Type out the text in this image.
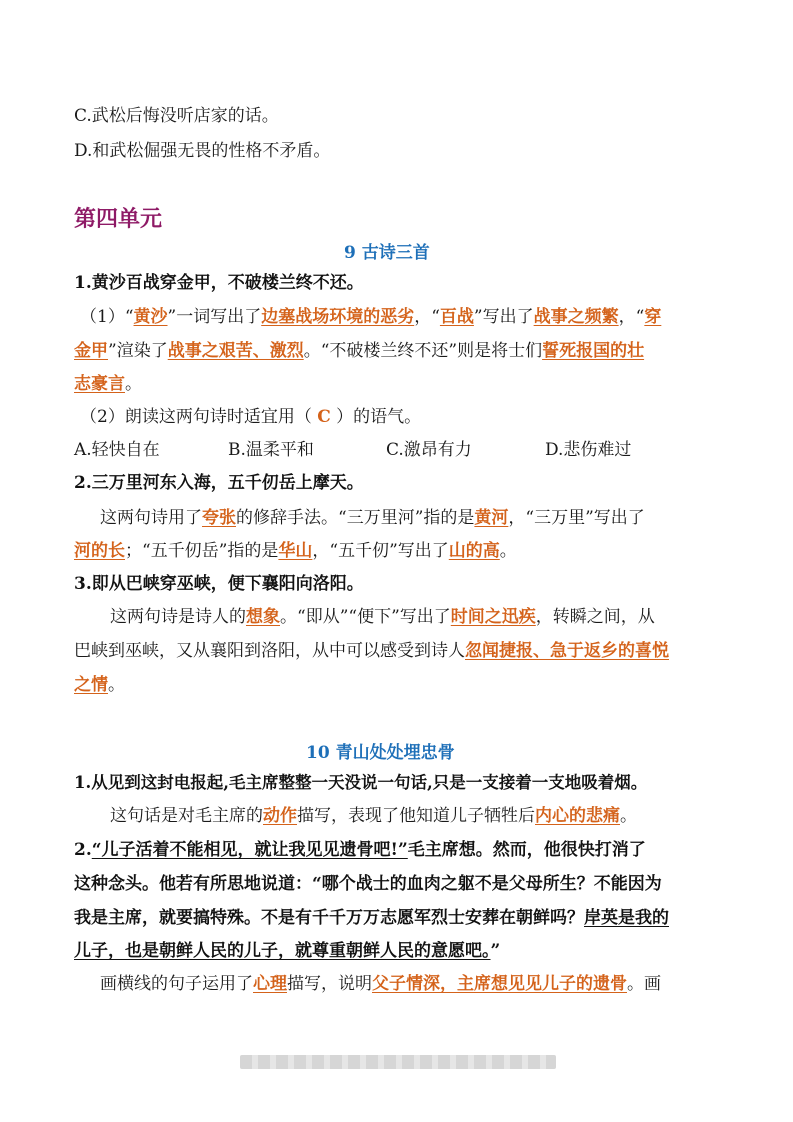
C.武松后悔没听店家的话。
D.和武松倔强无畏的性格不矛盾。
第四单元
9 古诗三首
1.黄沙百战穿金甲，不破楼兰终不还。
（1）“黄沙”一词写出了边塞战场环境的恶劣，“百战”写出了战事之频繁，“穿
金甲”渲染了战事之艰苦、激烈。“不破楼兰终不还”则是将士们誓死报国的壮
志豪言。
（2）朗读这两句诗时适宜用（ C ）的语气。
A.轻快自在	B.温柔平和	C.激昂有力	D.悲伤难过
2.三万里河东入海，五千仞岳上摩天。
这两句诗用了夸张的修辞手法。“三万里河”指的是黄河，“三万里”写出了
河的长；“五千仞岳”指的是华山，“五千仞”写出了山的高。
3.即从巴峡穿巫峡，便下襄阳向洛阳。
这两句诗是诗人的想象。“即从”“便下”写出了时间之迅疾，转瞬之间，从
巴峡到巫峡，又从襄阳到洛阳，从中可以感受到诗人忽闻捷报、急于返乡的喜悦
之情。
10 青山处处埋忠骨
1.从见到这封电报起,毛主席整整一天没说一句话,只是一支接着一支地吸着烟。
这句话是对毛主席的动作描写，表现了他知道儿子牺牲后内心的悲痛。
2.“儿子活着不能相见，就让我见见遗骨吧!”毛主席想。然而，他很快打消了
这种念头。他若有所思地说道：“哪个战士的血肉之躯不是父母所生？不能因为
我是主席，就要搞特殊。不是有千千万万志愿军烈士安葬在朝鲜吗？岸英是我的
儿子，也是朝鲜人民的儿子，就尊重朝鲜人民的意愿吧。”
画横线的句子运用了心理描写，说明父子情深，主席想见见儿子的遗骨。画
